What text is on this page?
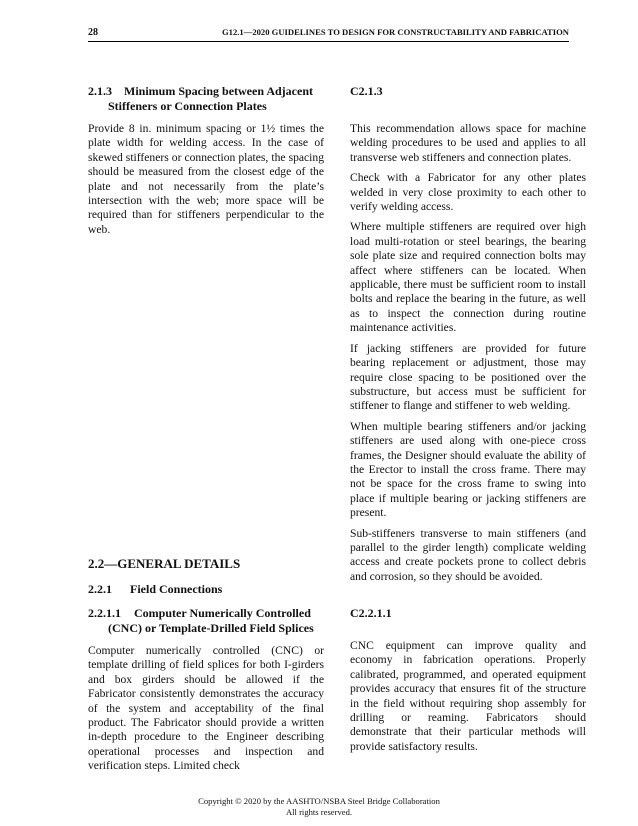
28	G12.1—2020 GUIDELINES TO DESIGN FOR CONSTRUCTABILITY AND FABRICATION
2.1.3 Minimum Spacing between Adjacent
Stiffeners or Connection Plates

Provide 8 in. minimum spacing or 1½ times the plate width for welding access. In the case of skewed stiffeners or connection plates, the spacing should be measured from the closest edge of the plate and not necessarily from the plate’s intersection with the web; more space will be required than for stiffeners perpendicular to the web.

C2.1.3

This recommendation allows space for machine welding procedures to be used and applies to all transverse web stiffeners and connection plates.

Check with a Fabricator for any other plates welded in very close proximity to each other to verify welding access.

Where multiple stiffeners are required over high load multi-rotation or steel bearings, the bearing sole plate size and required connection bolts may affect where stiffeners can be located. When applicable, there must be sufficient room to install bolts and replace the bearing in the future, as well as to inspect the connection during routine maintenance activities.

If jacking stiffeners are provided for future bearing replacement or adjustment, those may require close spacing to be positioned over the substructure, but access must be sufficient for stiffener to flange and stiffener to web welding.

When multiple bearing stiffeners and/or jacking stiffeners are used along with one-piece cross frames, the Designer should evaluate the ability of the Erector to install the cross frame. There may not be space for the cross frame to swing into place if multiple bearing or jacking stiffeners are present.

Sub-stiffeners transverse to main stiffeners (and parallel to the girder length) complicate welding access and create pockets prone to collect debris and corrosion, so they should be avoided.

2.2—GENERAL DETAILS
2.2.1 Field Connections
2.2.1.1 Computer Numerically Controlled
(CNC) or Template-Drilled Field Splices

Computer numerically controlled (CNC) or template drilling of field splices for both I-girders and box girders should be allowed if the Fabricator consistently demonstrates the accuracy of the system and acceptability of the final product. The Fabricator should provide a written in-depth procedure to the Engineer describing operational processes and inspection and verification steps. Limited check

C2.2.1.1

CNC equipment can improve quality and economy in fabrication operations. Properly calibrated, programmed, and operated equipment provides accuracy that ensures fit of the structure in the field without requiring shop assembly for drilling or reaming. Fabricators should demonstrate that their particular methods will provide satisfactory results.

Copyright © 2020 by the AASHTO/NSBA Steel Bridge Collaboration
All rights reserved.
